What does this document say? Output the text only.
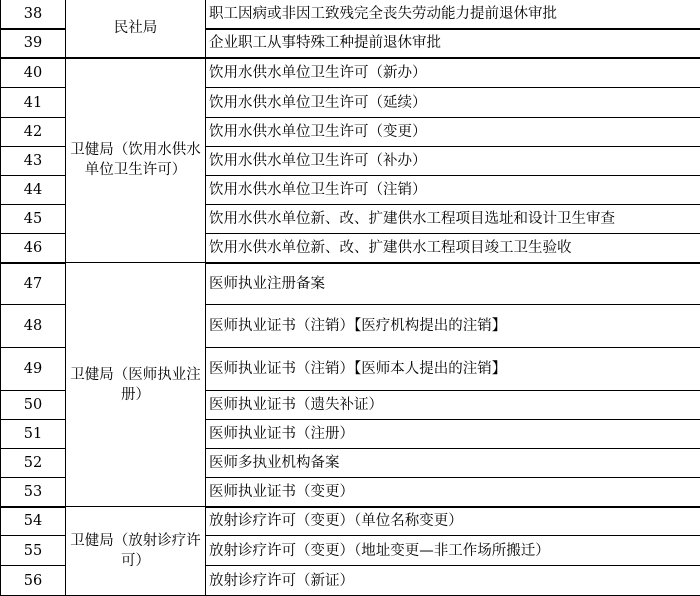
38	民社局	职工因病或非因工致残完全丧失劳动能力提前退休审批
39		企业职工从事特殊工种提前退休审批
40	卫健局（饮用水供水单位卫生许可）	饮用水供水单位卫生许可（新办）
41		饮用水供水单位卫生许可（延续）
42		饮用水供水单位卫生许可（变更）
43		饮用水供水单位卫生许可（补办）
44		饮用水供水单位卫生许可（注销）
45		饮用水供水单位新、改、扩建供水工程项目选址和设计卫生审查
46		饮用水供水单位新、改、扩建供水工程项目竣工卫生验收
47	卫健局（医师执业注册）	医师执业注册备案
48		医师执业证书（注销）【医疗机构提出的注销】
49		医师执业证书（注销）【医师本人提出的注销】
50		医师执业证书（遗失补证）
51		医师执业证书（注册）
52		医师多执业机构备案
53		医师执业证书（变更）
54	卫健局（放射诊疗许可）	放射诊疗许可（变更）（单位名称变更）
55		放射诊疗许可（变更）（地址变更—非工作场所搬迁）
56		放射诊疗许可（新证）
